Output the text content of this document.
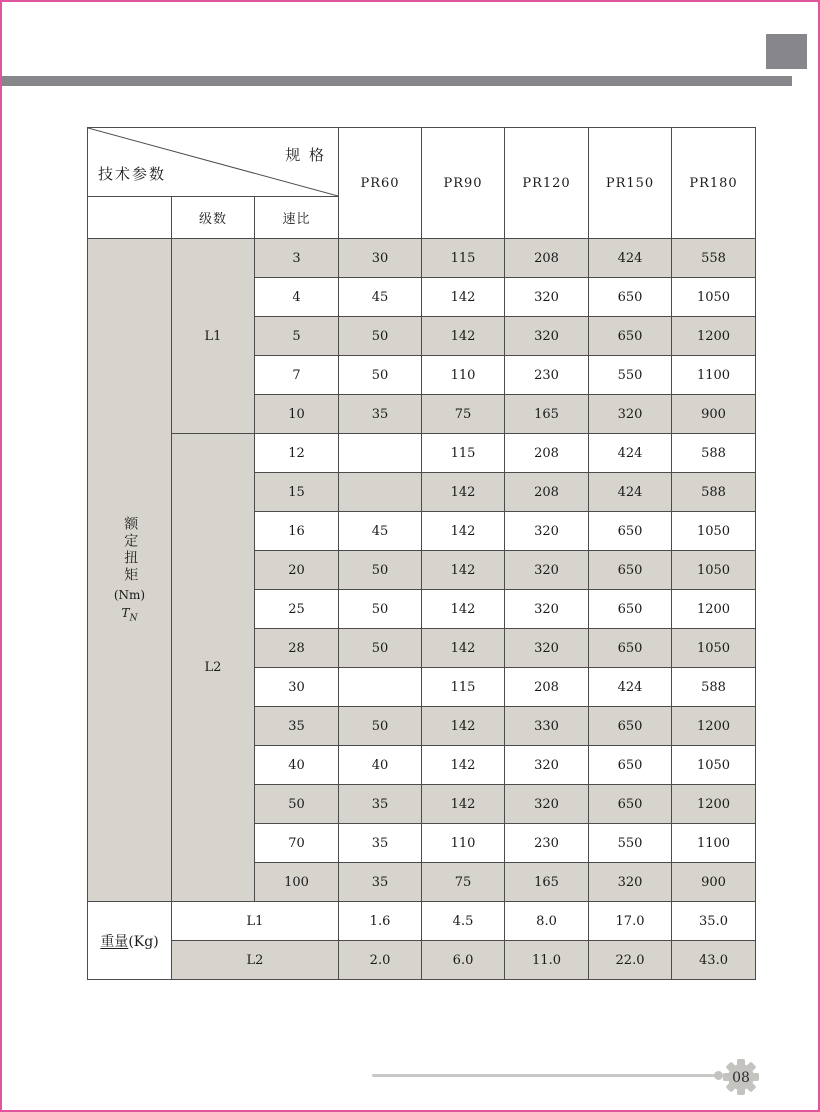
规 格
技术参数			PR60	PR90	PR120	PR150	PR180
	级数	速比					

额定扭矩
(Nm)
$T_N$	L1	3	30	115	208	424	558
		4	45	142	320	650	1050
		5	50	142	320	650	1200
		7	50	110	230	550	1100
		10	35	75	165	320	900
	L2	12		115	208	424	588
		15		142	208	424	588
		16	45	142	320	650	1050
		20	50	142	320	650	1050
		25	50	142	320	650	1200
		28	50	142	320	650	1050
		30		115	208	424	588
		35	50	142	330	650	1200
		40	40	142	320	650	1050
		50	35	142	320	650	1200
		70	35	110	230	550	1100
		100	35	75	165	320	900
重量(Kg)	L1		1.6	4.5	8.0	17.0	35.0
	L2		2.0	6.0	11.0	22.0	43.0
08
